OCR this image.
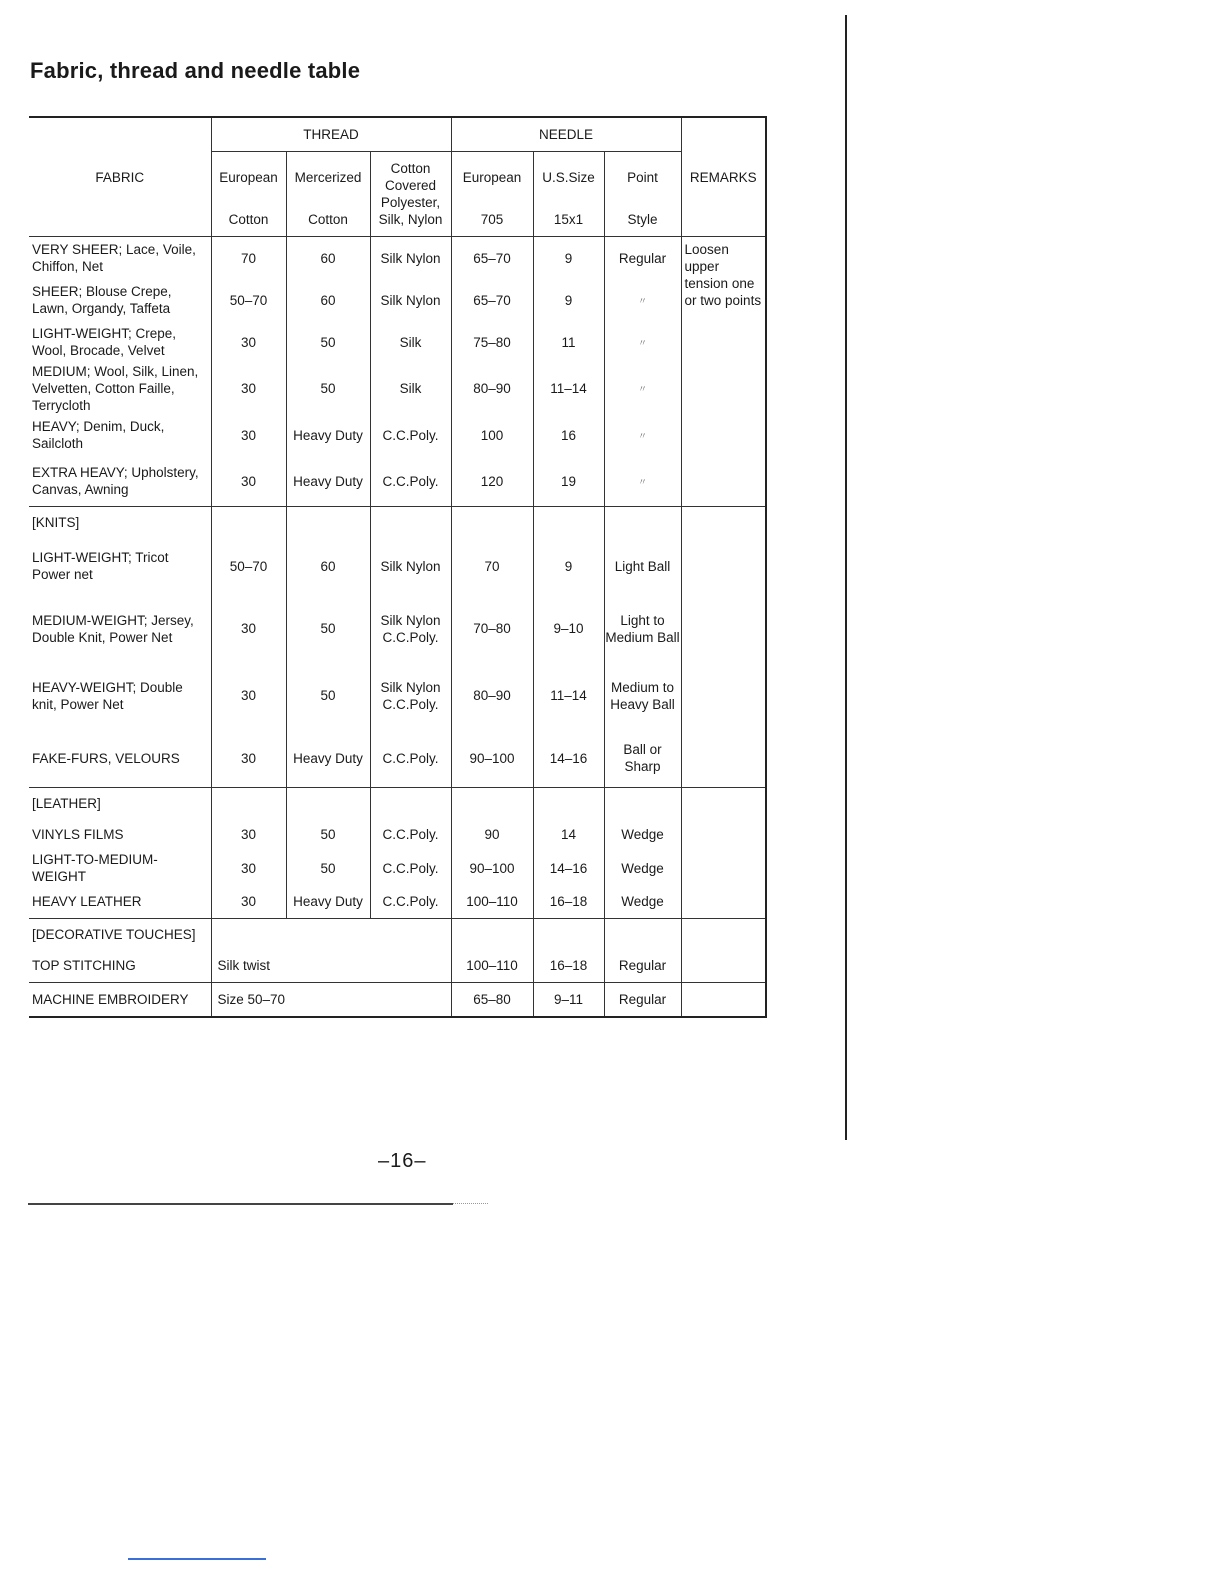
Fabric, thread and needle table
FABRIC	THREAD			NEEDLE			REMARKS
	European	Mercerized	Cotton Covered Polyester, Silk, Nylon	European	U.S.Size	Point	
	Cotton	Cotton		705	15x1	Style	
VERY SHEER; Lace, Voile, Chiffon, Net	70	60	Silk Nylon	65–70	9	Regular	Loosen upper tension one or two points

SHEER; Blouse Crepe, Lawn, Organdy, Taffeta	50–70	60	Silk Nylon	65–70	9	〃	
LIGHT-WEIGHT; Crepe, Wool, Brocade, Velvet	30	50	Silk	75–80	11	〃	
MEDIUM; Wool, Silk, Linen, Velvetten, Cotton Faille, Terrycloth	30	50	Silk	80–90	11–14	〃	
HEAVY; Denim, Duck, Sailcloth	30	Heavy Duty	C.C.Poly.	100	16	〃	
EXTRA HEAVY; Upholstery, Canvas, Awning	30	Heavy Duty	C.C.Poly.	120	19	〃	
[KNITS]							
LIGHT-WEIGHT; Tricot Power net	50–70	60	Silk Nylon	70	9	Light Ball	
MEDIUM-WEIGHT; Jersey, Double Knit, Power Net	30	50	Silk Nylon C.C.Poly.	70–80	9–10	Light to Medium Ball	
HEAVY-WEIGHT; Double knit, Power Net	30	50	Silk Nylon C.C.Poly.	80–90	11–14	Medium to Heavy Ball	
FAKE-FURS, VELOURS	30	Heavy Duty	C.C.Poly.	90–100	14–16	Ball or Sharp	
[LEATHER]							
VINYLS FILMS	30	50	C.C.Poly.	90	14	Wedge	
LIGHT-TO-MEDIUM-WEIGHT	30	50	C.C.Poly.	90–100	14–16	Wedge	
HEAVY LEATHER	30	Heavy Duty	C.C.Poly.	100–110	16–18	Wedge	
[DECORATIVE TOUCHES]							
TOP STITCHING	Silk twist			100–110	16–18	Regular	
MACHINE EMBROIDERY	Size 50–70			65–80	9–11	Regular	
–16–
